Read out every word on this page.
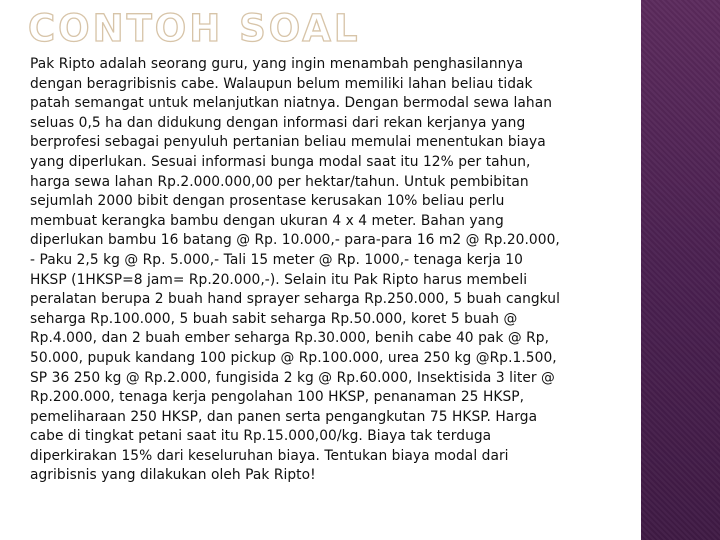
CONTOH SOAL
Pak Ripto adalah seorang guru, yang ingin menambah penghasilannya
dengan beragribisnis cabe. Walaupun belum memiliki lahan beliau tidak
patah semangat untuk melanjutkan niatnya. Dengan bermodal sewa lahan
seluas 0,5 ha dan didukung dengan informasi dari rekan kerjanya yang
berprofesi sebagai penyuluh pertanian beliau memulai menentukan biaya
yang diperlukan. Sesuai informasi bunga modal saat itu 12% per tahun,
harga sewa lahan Rp.2.000.000,00 per hektar/tahun. Untuk pembibitan
sejumlah 2000 bibit dengan prosentase kerusakan 10% beliau perlu
membuat kerangka bambu dengan ukuran 4 x 4 meter. Bahan yang
diperlukan bambu 16 batang @ Rp. 10.000,- para-para 16 m2 @ Rp.20.000,
- Paku 2,5 kg @ Rp. 5.000,- Tali 15 meter @ Rp. 1000,- tenaga kerja 10
HKSP (1HKSP=8 jam= Rp.20.000,-). Selain itu Pak Ripto harus membeli
peralatan berupa 2 buah hand sprayer seharga Rp.250.000, 5 buah cangkul
seharga Rp.100.000, 5 buah sabit seharga Rp.50.000, koret 5 buah @
Rp.4.000, dan 2 buah ember seharga Rp.30.000, benih cabe 40 pak @ Rp,
50.000, pupuk kandang 100 pickup @ Rp.100.000, urea 250 kg @Rp.1.500,
SP 36 250 kg @ Rp.2.000, fungisida 2 kg @ Rp.60.000, Insektisida 3 liter @
Rp.200.000, tenaga kerja pengolahan 100 HKSP, penanaman 25 HKSP,
pemeliharaan 250 HKSP, dan panen serta pengangkutan 75 HKSP. Harga
cabe di tingkat petani saat itu Rp.15.000,00/kg. Biaya tak terduga
diperkirakan 15% dari keseluruhan biaya. Tentukan biaya modal dari
agribisnis yang dilakukan oleh Pak Ripto!
